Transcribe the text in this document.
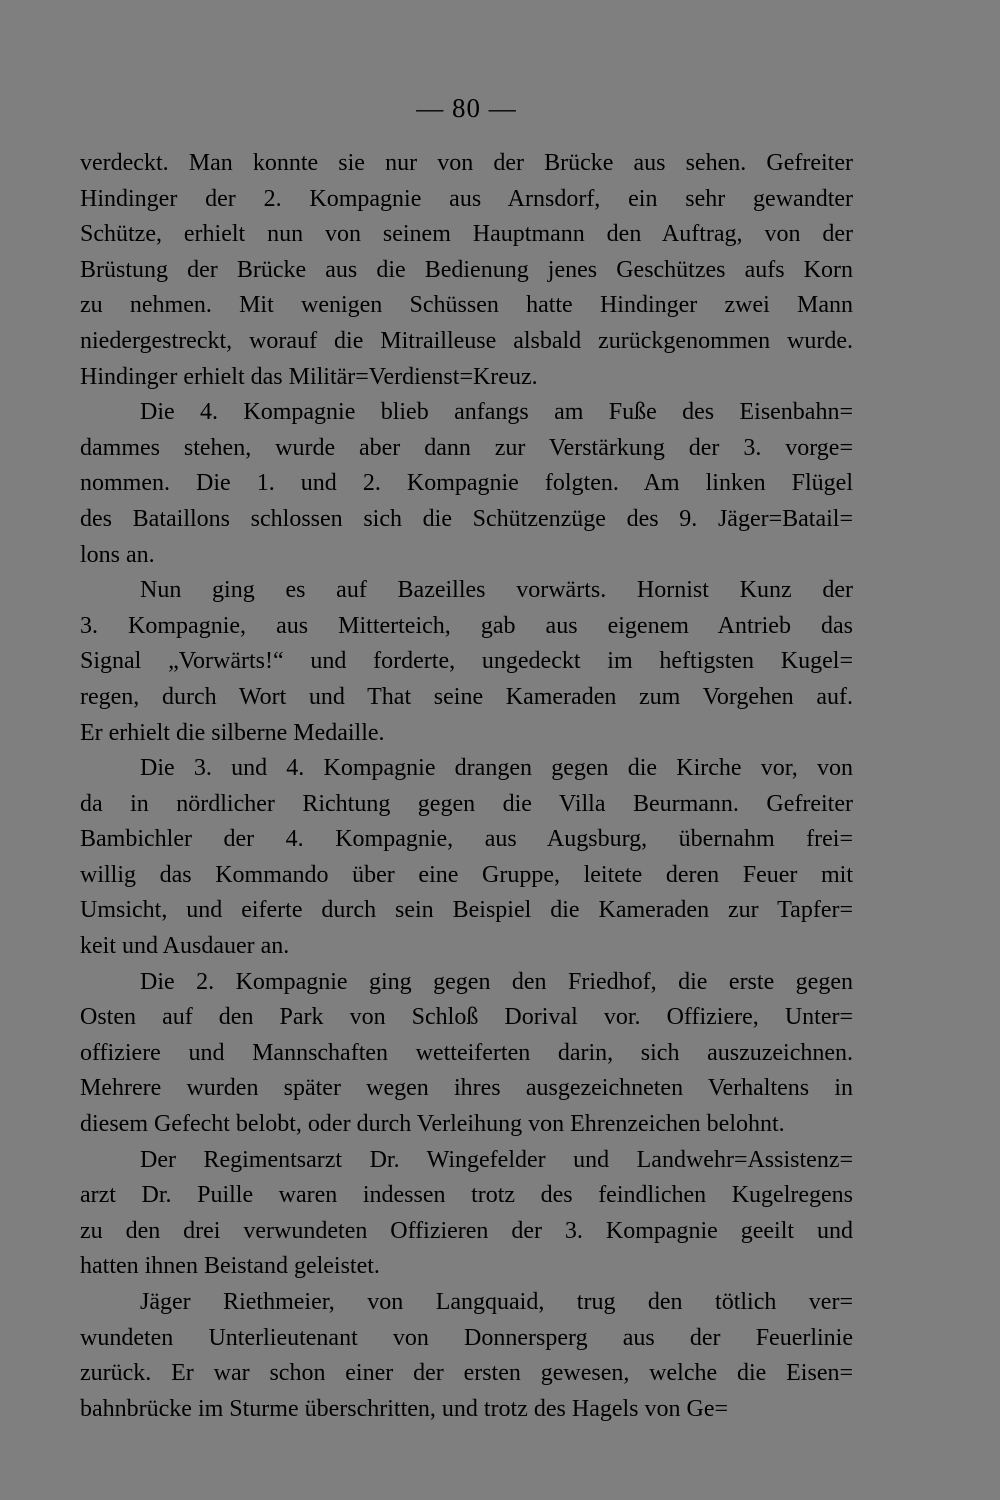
— 80 —
verdeckt. Man konnte sie nur von der Brücke aus sehen. Gefreiter
Hindinger der 2. Kompagnie aus Arnsdorf, ein sehr gewandter
Schütze, erhielt nun von seinem Hauptmann den Auftrag, von der
Brüstung der Brücke aus die Bedienung jenes Geschützes aufs Korn
zu nehmen. Mit wenigen Schüssen hatte Hindinger zwei Mann
niedergestreckt, worauf die Mitrailleuse alsbald zurückgenommen wurde.
Hindinger erhielt das Militär=Verdienst=Kreuz.
Die 4. Kompagnie blieb anfangs am Fuße des Eisenbahn=
dammes stehen, wurde aber dann zur Verstärkung der 3. vorge=
nommen. Die 1. und 2. Kompagnie folgten. Am linken Flügel
des Bataillons schlossen sich die Schützenzüge des 9. Jäger=Batail=
lons an.
Nun ging es auf Bazeilles vorwärts. Hornist Kunz der
3. Kompagnie, aus Mitterteich, gab aus eigenem Antrieb das
Signal „Vorwärts!“ und forderte, ungedeckt im heftigsten Kugel=
regen, durch Wort und That seine Kameraden zum Vorgehen auf.
Er erhielt die silberne Medaille.
Die 3. und 4. Kompagnie drangen gegen die Kirche vor, von
da in nördlicher Richtung gegen die Villa Beurmann. Gefreiter
Bambichler der 4. Kompagnie, aus Augsburg, übernahm frei=
willig das Kommando über eine Gruppe, leitete deren Feuer mit
Umsicht, und eiferte durch sein Beispiel die Kameraden zur Tapfer=
keit und Ausdauer an.
Die 2. Kompagnie ging gegen den Friedhof, die erste gegen
Osten auf den Park von Schloß Dorival vor. Offiziere, Unter=
offiziere und Mannschaften wetteiferten darin, sich auszuzeichnen.
Mehrere wurden später wegen ihres ausgezeichneten Verhaltens in
diesem Gefecht belobt, oder durch Verleihung von Ehrenzeichen belohnt.
Der Regimentsarzt Dr. Wingefelder und Landwehr=Assistenz=
arzt Dr. Puille waren indessen trotz des feindlichen Kugelregens
zu den drei verwundeten Offizieren der 3. Kompagnie geeilt und
hatten ihnen Beistand geleistet.
Jäger Riethmeier, von Langquaid, trug den tötlich ver=
wundeten Unterlieutenant von Donnersperg aus der Feuerlinie
zurück. Er war schon einer der ersten gewesen, welche die Eisen=
bahnbrücke im Sturme überschritten, und trotz des Hagels von Ge=
